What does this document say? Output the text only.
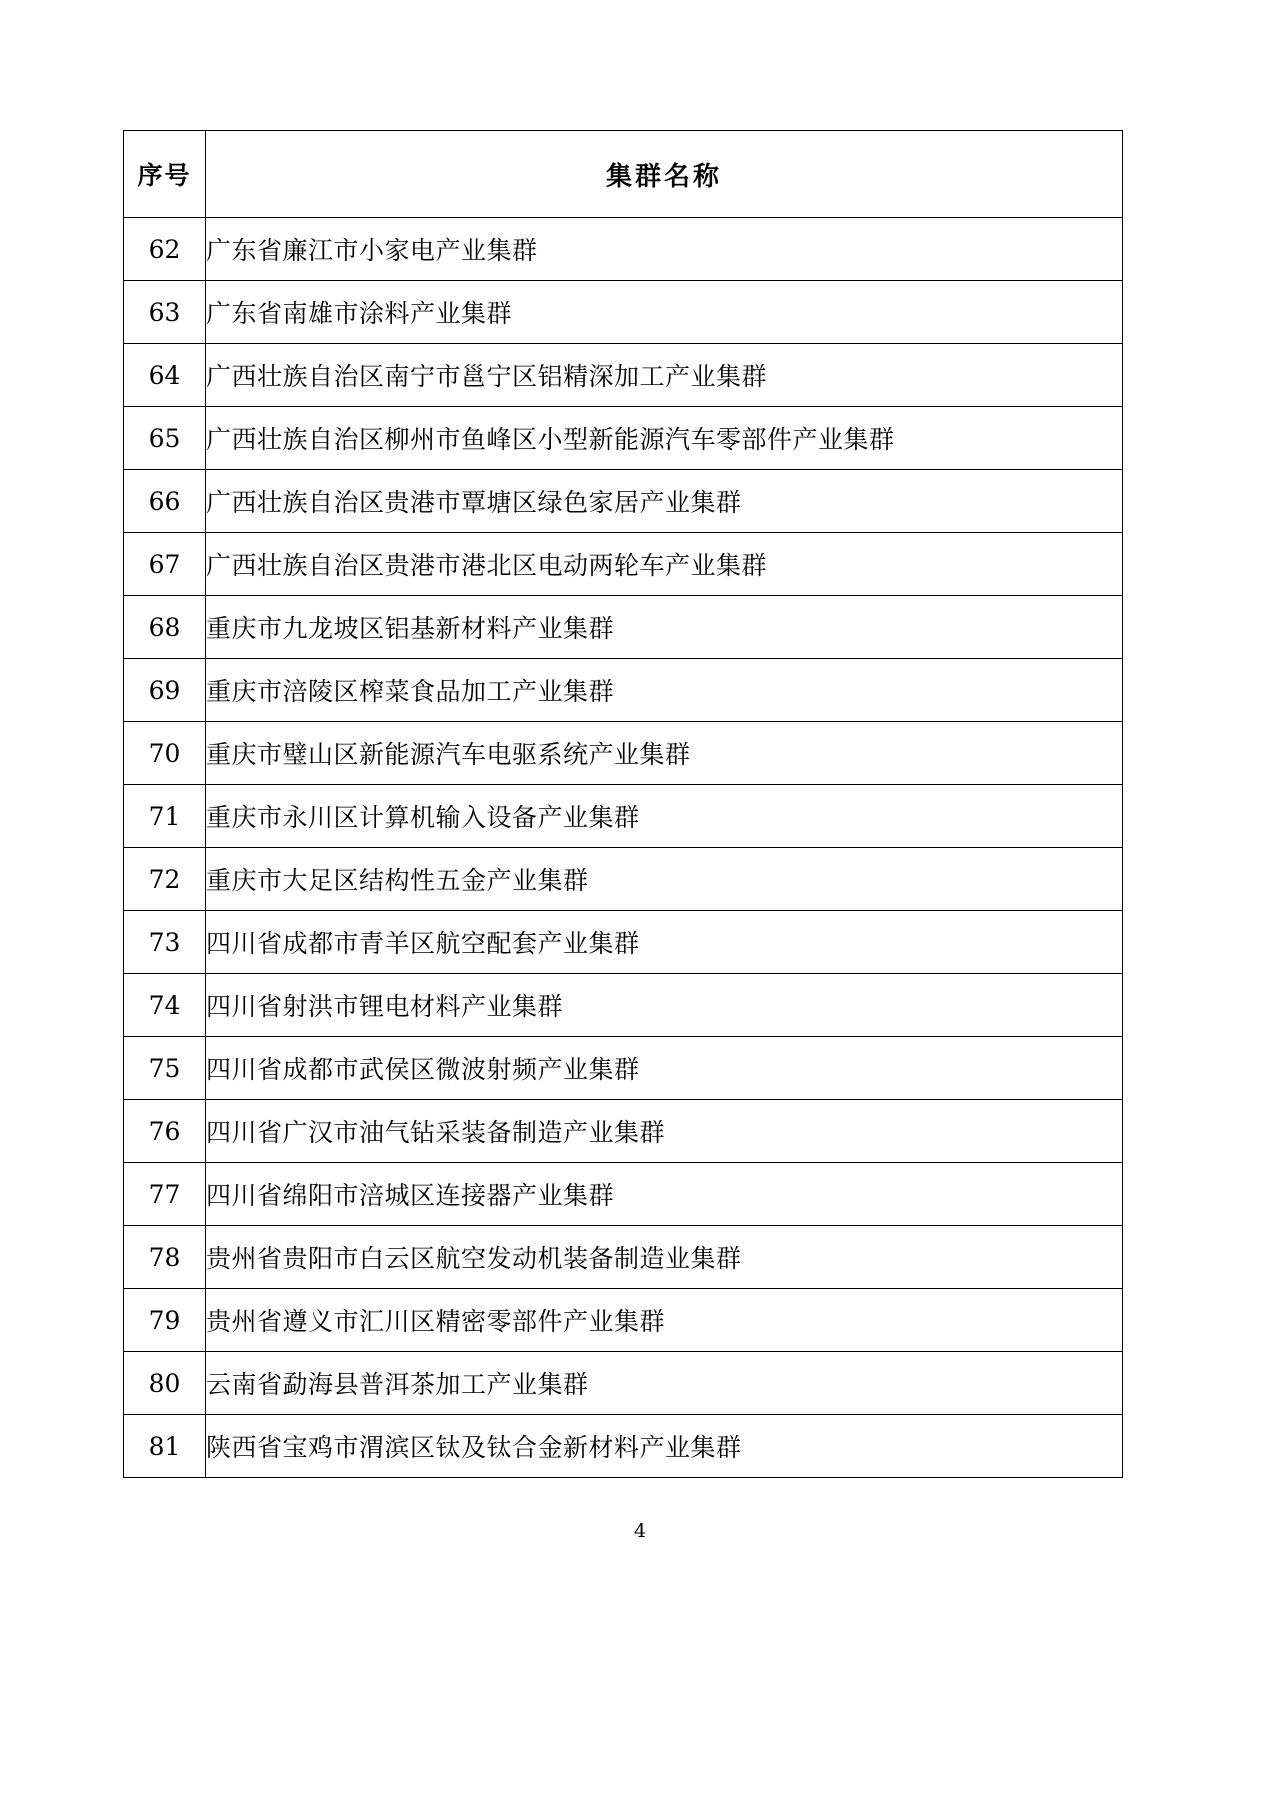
序号	集群名称
62	广东省廉江市小家电产业集群
63	广东省南雄市涂料产业集群
64	广西壮族自治区南宁市邕宁区铝精深加工产业集群
65	广西壮族自治区柳州市鱼峰区小型新能源汽车零部件产业集群
66	广西壮族自治区贵港市覃塘区绿色家居产业集群
67	广西壮族自治区贵港市港北区电动两轮车产业集群
68	重庆市九龙坡区铝基新材料产业集群
69	重庆市涪陵区榨菜食品加工产业集群
70	重庆市璧山区新能源汽车电驱系统产业集群
71	重庆市永川区计算机输入设备产业集群
72	重庆市大足区结构性五金产业集群
73	四川省成都市青羊区航空配套产业集群
74	四川省射洪市锂电材料产业集群
75	四川省成都市武侯区微波射频产业集群
76	四川省广汉市油气钻采装备制造产业集群
77	四川省绵阳市涪城区连接器产业集群
78	贵州省贵阳市白云区航空发动机装备制造业集群
79	贵州省遵义市汇川区精密零部件产业集群
80	云南省勐海县普洱茶加工产业集群
81	陕西省宝鸡市渭滨区钛及钛合金新材料产业集群
4
